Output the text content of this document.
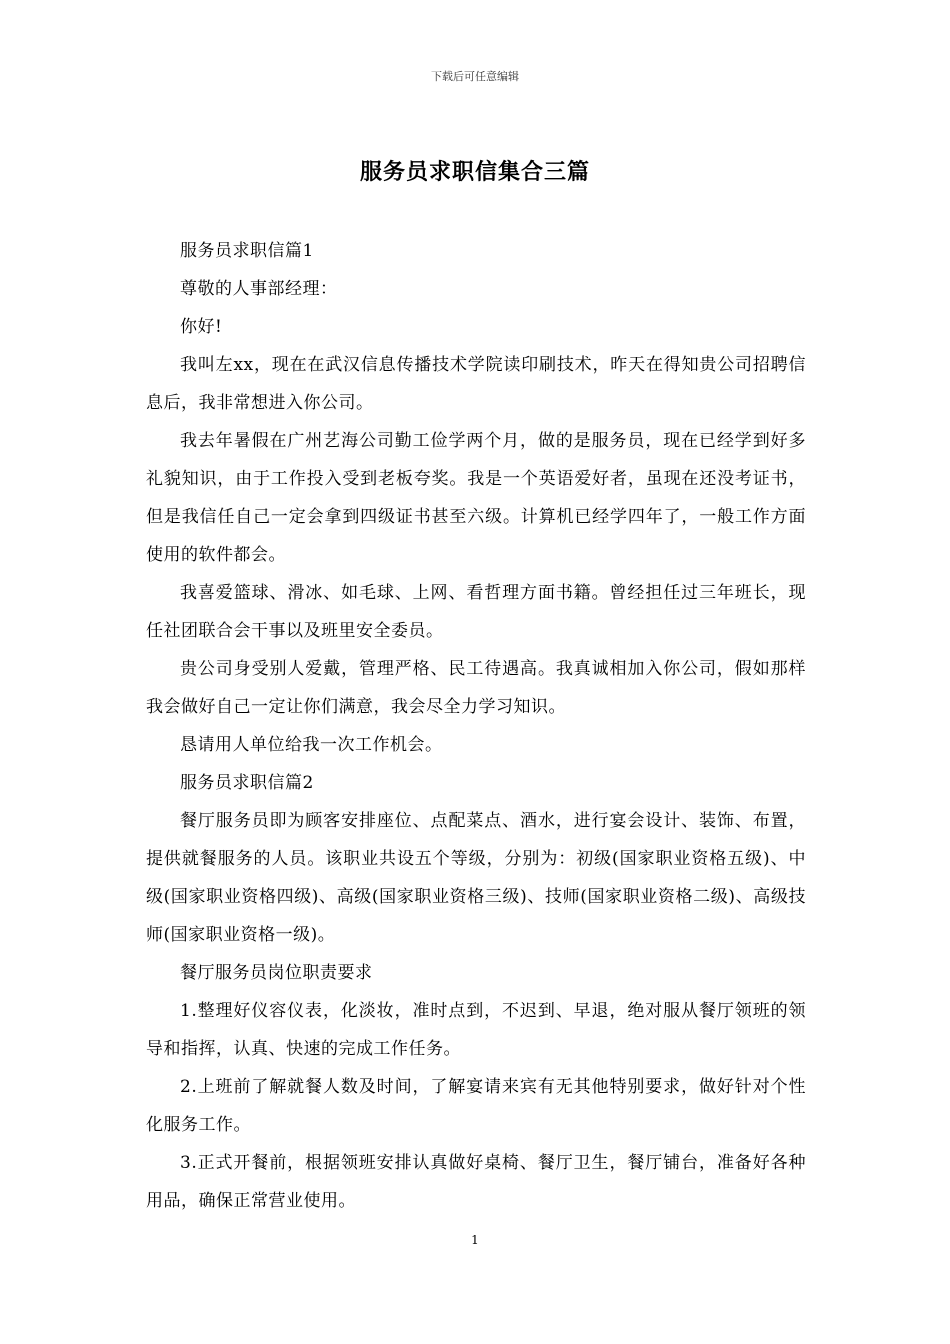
下载后可任意编辑
服务员求职信集合三篇

服务员求职信篇1

尊敬的人事部经理：

你好!

我叫左xx，现在在武汉信息传播技术学院读印刷技术，昨天在得知贵公司招聘信息后，我非常想进入你公司。

我去年暑假在广州艺海公司勤工俭学两个月，做的是服务员，现在已经学到好多礼貌知识，由于工作投入受到老板夸奖。我是一个英语爱好者，虽现在还没考证书，但是我信任自己一定会拿到四级证书甚至六级。计算机已经学四年了，一般工作方面使用的软件都会。

我喜爱篮球、滑冰、如毛球、上网、看哲理方面书籍。曾经担任过三年班长，现任社团联合会干事以及班里安全委员。

贵公司身受别人爱戴，管理严格、民工待遇高。我真诚相加入你公司，假如那样我会做好自己一定让你们满意，我会尽全力学习知识。

恳请用人单位给我一次工作机会。

服务员求职信篇2

餐厅服务员即为顾客安排座位、点配菜点、酒水，进行宴会设计、装饰、布置，提供就餐服务的人员。该职业共设五个等级，分别为：初级(国家职业资格五级)、中级(国家职业资格四级)、高级(国家职业资格三级)、技师(国家职业资格二级)、高级技师(国家职业资格一级)。

餐厅服务员岗位职责要求

1.整理好仪容仪表，化淡妆，准时点到，不迟到、早退，绝对服从餐厅领班的领导和指挥，认真、快速的完成工作任务。

2.上班前了解就餐人数及时间，了解宴请来宾有无其他特别要求，做好针对个性化服务工作。

3.正式开餐前，根据领班安排认真做好桌椅、餐厅卫生，餐厅铺台，准备好各种用品，确保正常营业使用。

1
